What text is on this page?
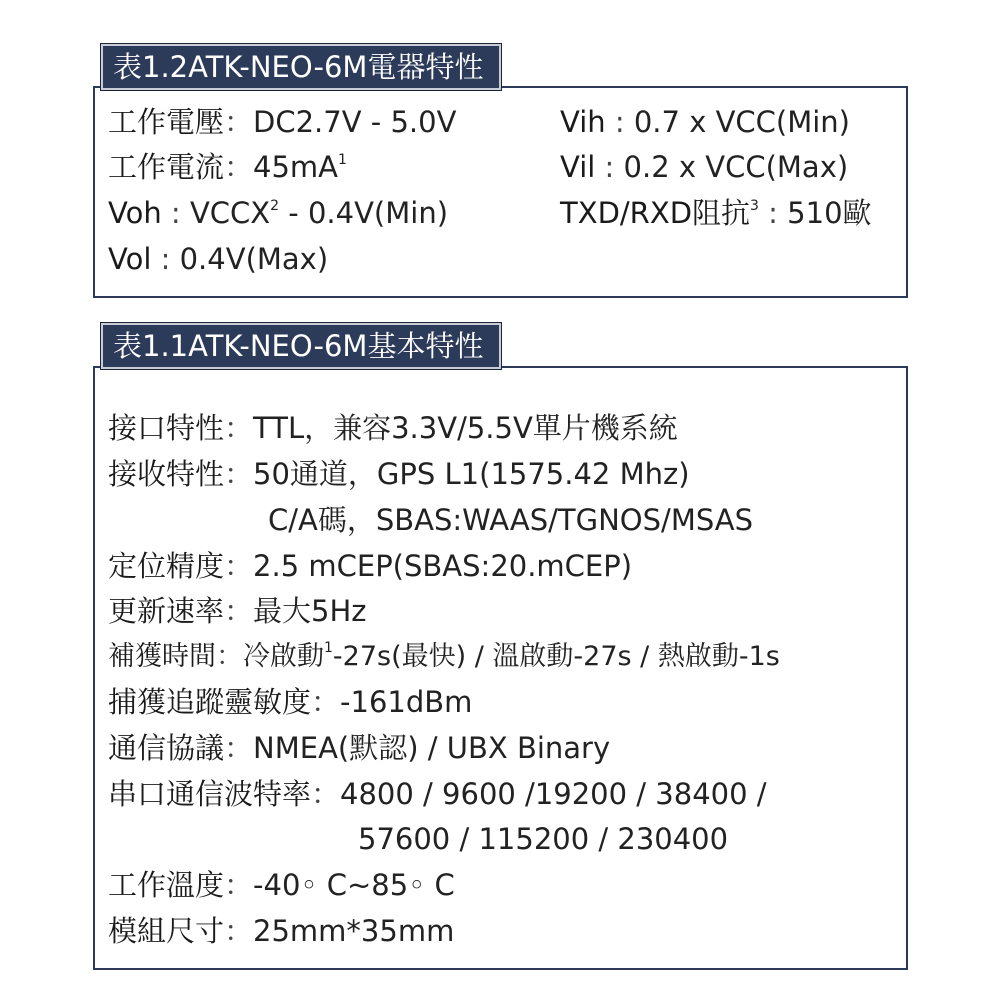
表1.2ATK-NEO-6M電器特性
工作電壓：DC2.7V - 5.0V
工作電流：$45mA^1$
Voh : VCCX$^2$ - 0.4V(Min)
Vol : 0.4V(Max)
Vih : 0.7 x VCC(Min)
Vil : 0.2 x VCC(Max)
TXD/RXD阻抗$^3$ : 510歐
表1.1ATK-NEO-6M基本特性
接口特性：TTL，兼容3.3V/5.5V單片機系統
接收特性：50通道，GPS L1(1575.42 Mhz)
C/A碼，SBAS:WAAS/TGNOS/MSAS
定位精度：2.5 mCEP(SBAS:20.mCEP)
更新速率：最大5Hz
補獲時間：冷啟動$^1$-27s(最快) / 溫啟動-27s / 熱啟動-1s
捕獲追蹤靈敏度：-161dBm
通信協議：NMEA(默認) / UBX Binary
串口通信波特率：4800 / 9600 /19200 / 38400 /
57600 / 115200 / 230400
工作溫度：-40◦ C~85◦ C
模組尺寸：25mm*35mm
